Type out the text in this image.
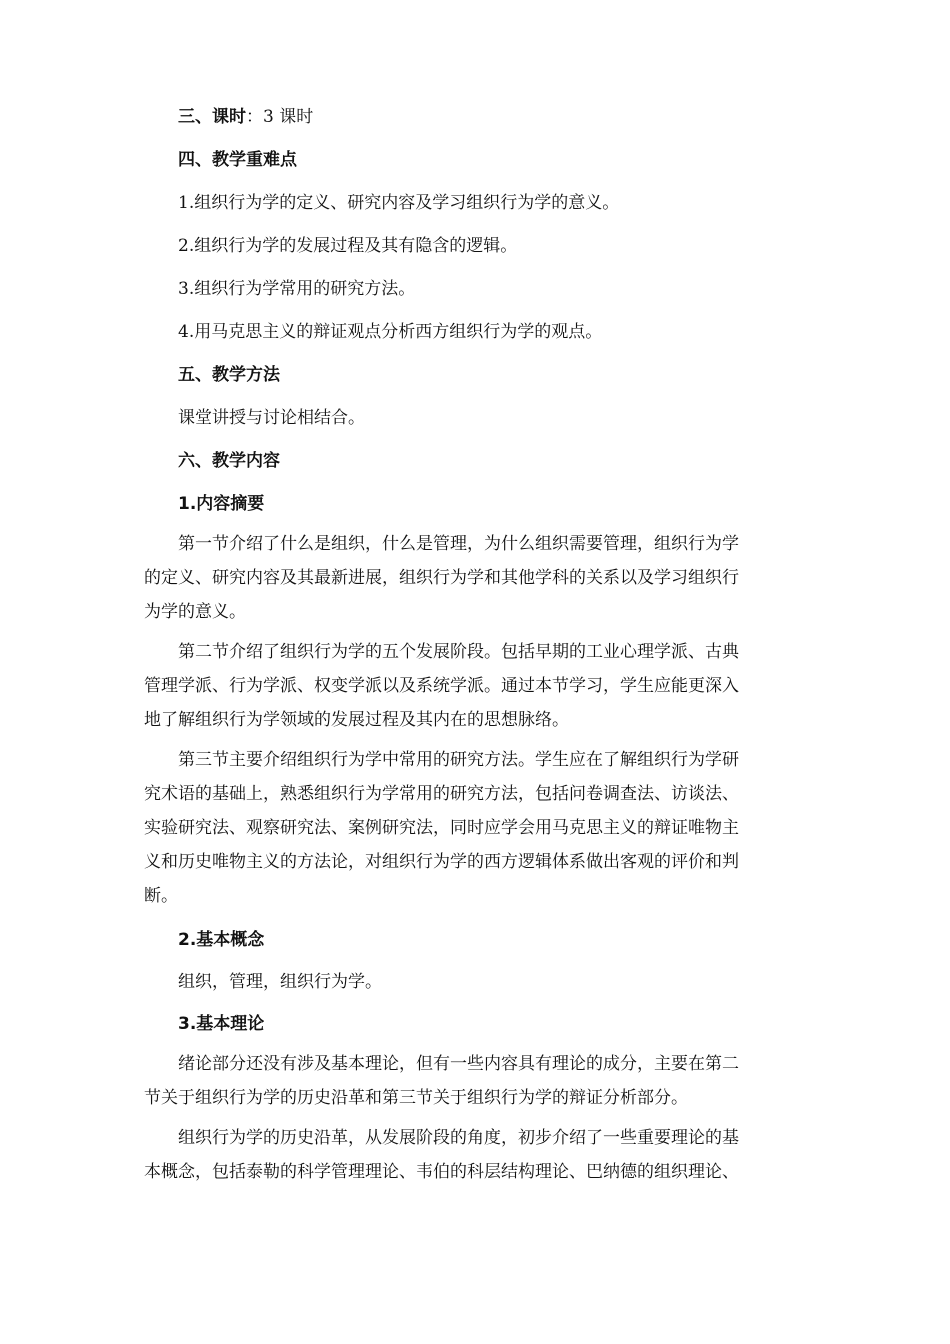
三、课时：3 课时
四、教学重难点
1.组织行为学的定义、研究内容及学习组织行为学的意义。
2.组织行为学的发展过程及其有隐含的逻辑。
3.组织行为学常用的研究方法。
4.用马克思主义的辩证观点分析西方组织行为学的观点。
五、教学方法
课堂讲授与讨论相结合。
六、教学内容
1.内容摘要
第一节介绍了什么是组织，什么是管理，为什么组织需要管理，组织行为学
的定义、研究内容及其最新进展，组织行为学和其他学科的关系以及学习组织行
为学的意义。
第二节介绍了组织行为学的五个发展阶段。包括早期的工业心理学派、古典
管理学派、行为学派、权变学派以及系统学派。通过本节学习，学生应能更深入
地了解组织行为学领域的发展过程及其内在的思想脉络。
第三节主要介绍组织行为学中常用的研究方法。学生应在了解组织行为学研
究术语的基础上，熟悉组织行为学常用的研究方法，包括问卷调查法、访谈法、
实验研究法、观察研究法、案例研究法，同时应学会用马克思主义的辩证唯物主
义和历史唯物主义的方法论，对组织行为学的西方逻辑体系做出客观的评价和判
断。
2.基本概念
组织，管理，组织行为学。
3.基本理论
绪论部分还没有涉及基本理论，但有一些内容具有理论的成分，主要在第二
节关于组织行为学的历史沿革和第三节关于组织行为学的辩证分析部分。
组织行为学的历史沿革，从发展阶段的角度，初步介绍了一些重要理论的基
本概念，包括泰勒的科学管理理论、韦伯的科层结构理论、巴纳德的组织理论、
